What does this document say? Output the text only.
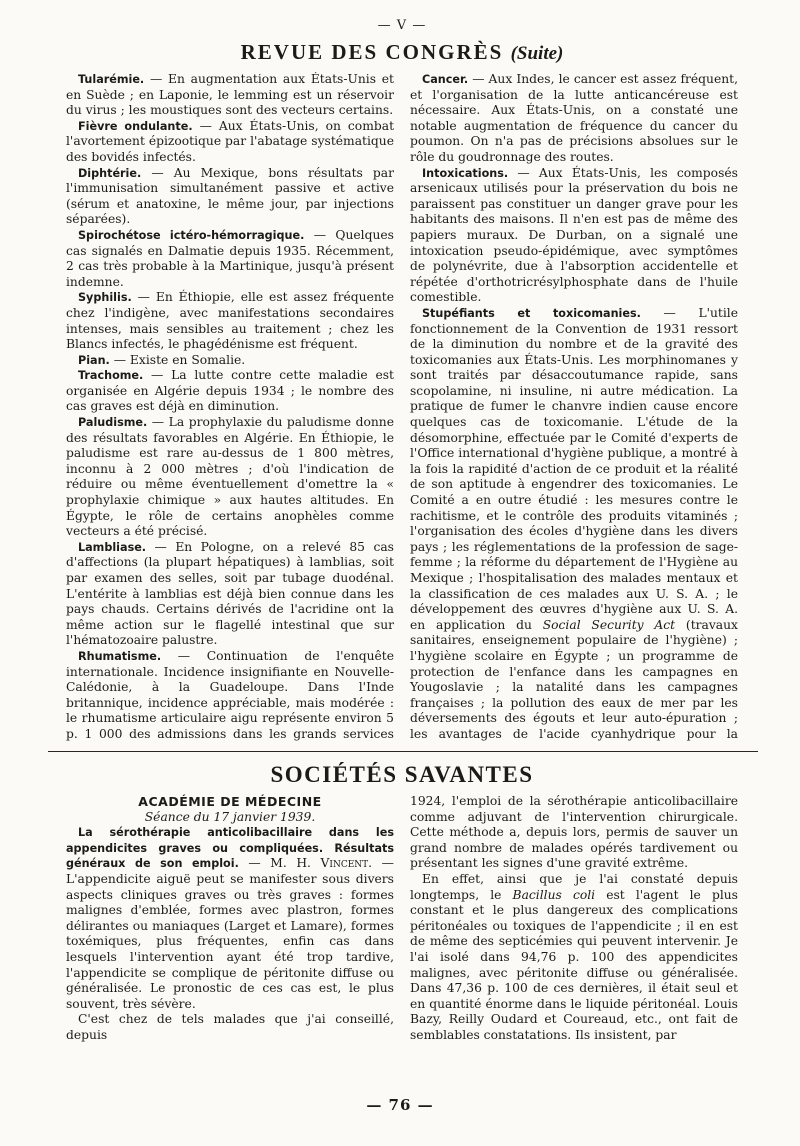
— V —
REVUE DES CONGRÈS (Suite)

Tularémie. — En augmentation aux États-Unis et en Suède ; en Laponie, le lemming est un réservoir du virus ; les moustiques sont des vecteurs certains.

Fièvre ondulante. — Aux États-Unis, on combat l'avortement épizootique par l'abatage systématique des bovidés infectés.

Diphtérie. — Au Mexique, bons résultats par l'immunisation simultanément passive et active (sérum et anatoxine, le même jour, par injections séparées).

Spirochétose ictéro-hémorragique. — Quelques cas signalés en Dalmatie depuis 1935. Récemment, 2 cas très probable à la Martinique, jusqu'à présent indemne.

Syphilis. — En Éthiopie, elle est assez fréquente chez l'indigène, avec manifestations secondaires intenses, mais sensibles au traitement ; chez les Blancs infectés, le phagédénisme est fréquent.

Pian. — Existe en Somalie.

Trachome. — La lutte contre cette maladie est organisée en Algérie depuis 1934 ; le nombre des cas graves est déjà en diminution.

Paludisme. — La prophylaxie du paludisme donne des résultats favorables en Algérie. En Éthiopie, le paludisme est rare au-dessus de 1 800 mètres, inconnu à 2 000 mètres ; d'où l'indication de réduire ou même éventuellement d'omettre la « prophylaxie chimique » aux hautes altitudes. En Égypte, le rôle de certains anophèles comme vecteurs a été précisé.

Lambliase. — En Pologne, on a relevé 85 cas d'affections (la plupart hépatiques) à lamblias, soit par examen des selles, soit par tubage duodénal. L'entérite à lamblias est déjà bien connue dans les pays chauds. Certains dérivés de l'acridine ont la même action sur le flagellé intestinal que sur l'hématozoaire palustre.

Rhumatisme. — Continuation de l'enquête internationale. Incidence insignifiante en Nouvelle-Calédonie, à la Guadeloupe. Dans l'Inde britannique, incidence appréciable, mais modérée : le rhumatisme articulaire aigu représente environ 5 p. 1 000 des admissions dans les grands services

Cancer. — Aux Indes, le cancer est assez fréquent, et l'organisation de la lutte anticancéreuse est nécessaire. Aux États-Unis, on a constaté une notable augmentation de fréquence du cancer du poumon. On n'a pas de précisions absolues sur le rôle du goudronnage des routes.

Intoxications. — Aux États-Unis, les composés arsenicaux utilisés pour la préservation du bois ne paraissent pas constituer un danger grave pour les habitants des maisons. Il n'en est pas de même des papiers muraux. De Durban, on a signalé une intoxication pseudo-épidémique, avec symptômes de polynévrite, due à l'absorption accidentelle et répétée d'orthotricrésylphosphate dans de l'huile comestible.

Stupéfiants et toxicomanies. — L'utile fonctionnement de la Convention de 1931 ressort de la diminution du nombre et de la gravité des toxicomanies aux États-Unis. Les morphinomanes y sont traités par désaccoutumance rapide, sans scopolamine, ni insuline, ni autre médication. La pratique de fumer le chanvre indien cause encore quelques cas de toxicomanie. L'étude de la désomorphine, effectuée par le Comité d'experts de l'Office international d'hygiène publique, a montré à la fois la rapidité d'action de ce produit et la réalité de son aptitude à engendrer des toxicomanies. Le Comité a en outre étudié : les mesures contre le rachitisme, et le contrôle des produits vitaminés ; l'organisation des écoles d'hygiène dans les divers pays ; les réglementations de la profession de sage-femme ; la réforme du département de l'Hygiène au Mexique ; l'hospitalisation des malades mentaux et la classification de ces malades aux U. S. A. ; le développement des œuvres d'hygiène aux U. S. A. en application du Social Security Act (travaux sanitaires, enseignement populaire de l'hygiène) ; l'hygiène scolaire en Égypte ; un programme de protection de l'enfance dans les campagnes en Yougoslavie ; la natalité dans les campagnes françaises ; la pollution des eaux de mer par les déversements des égouts et leur auto-épuration ; les avantages de l'acide cyanhydrique pour la

SOCIÉTÉS SAVANTES

ACADÉMIE DE MÉDECINE

Séance du 17 janvier 1939.

La sérothérapie anticolibacillaire dans les appendicites graves ou compliquées. Résultats généraux de son emploi. — M. H. Vincent. — L'appendicite aiguë peut se manifester sous divers aspects cliniques graves ou très graves : formes malignes d'emblée, formes avec plastron, formes délirantes ou maniaques (Larget et Lamare), formes toxémiques, plus fréquentes, enfin cas dans lesquels l'intervention ayant été trop tardive, l'appendicite se complique de péritonite diffuse ou généralisée. Le pronostic de ces cas est, le plus souvent, très sévère.

C'est chez de tels malades que j'ai conseillé, depuis

1924, l'emploi de la sérothérapie anticolibacillaire comme adjuvant de l'intervention chirurgicale. Cette méthode a, depuis lors, permis de sauver un grand nombre de malades opérés tardivement ou présentant les signes d'une gravité extrême.

En effet, ainsi que je l'ai constaté depuis longtemps, le Bacillus coli est l'agent le plus constant et le plus dangereux des complications péritonéales ou toxiques de l'appendicite ; il en est de même des septicémies qui peuvent intervenir. Je l'ai isolé dans 94,76 p. 100 des appendicites malignes, avec péritonite diffuse ou généralisée. Dans 47,36 p. 100 de ces dernières, il était seul et en quantité énorme dans le liquide péritonéal. Louis Bazy, Reilly Oudard et Coureaud, etc., ont fait de semblables constatations. Ils insistent, par

— 76 —
